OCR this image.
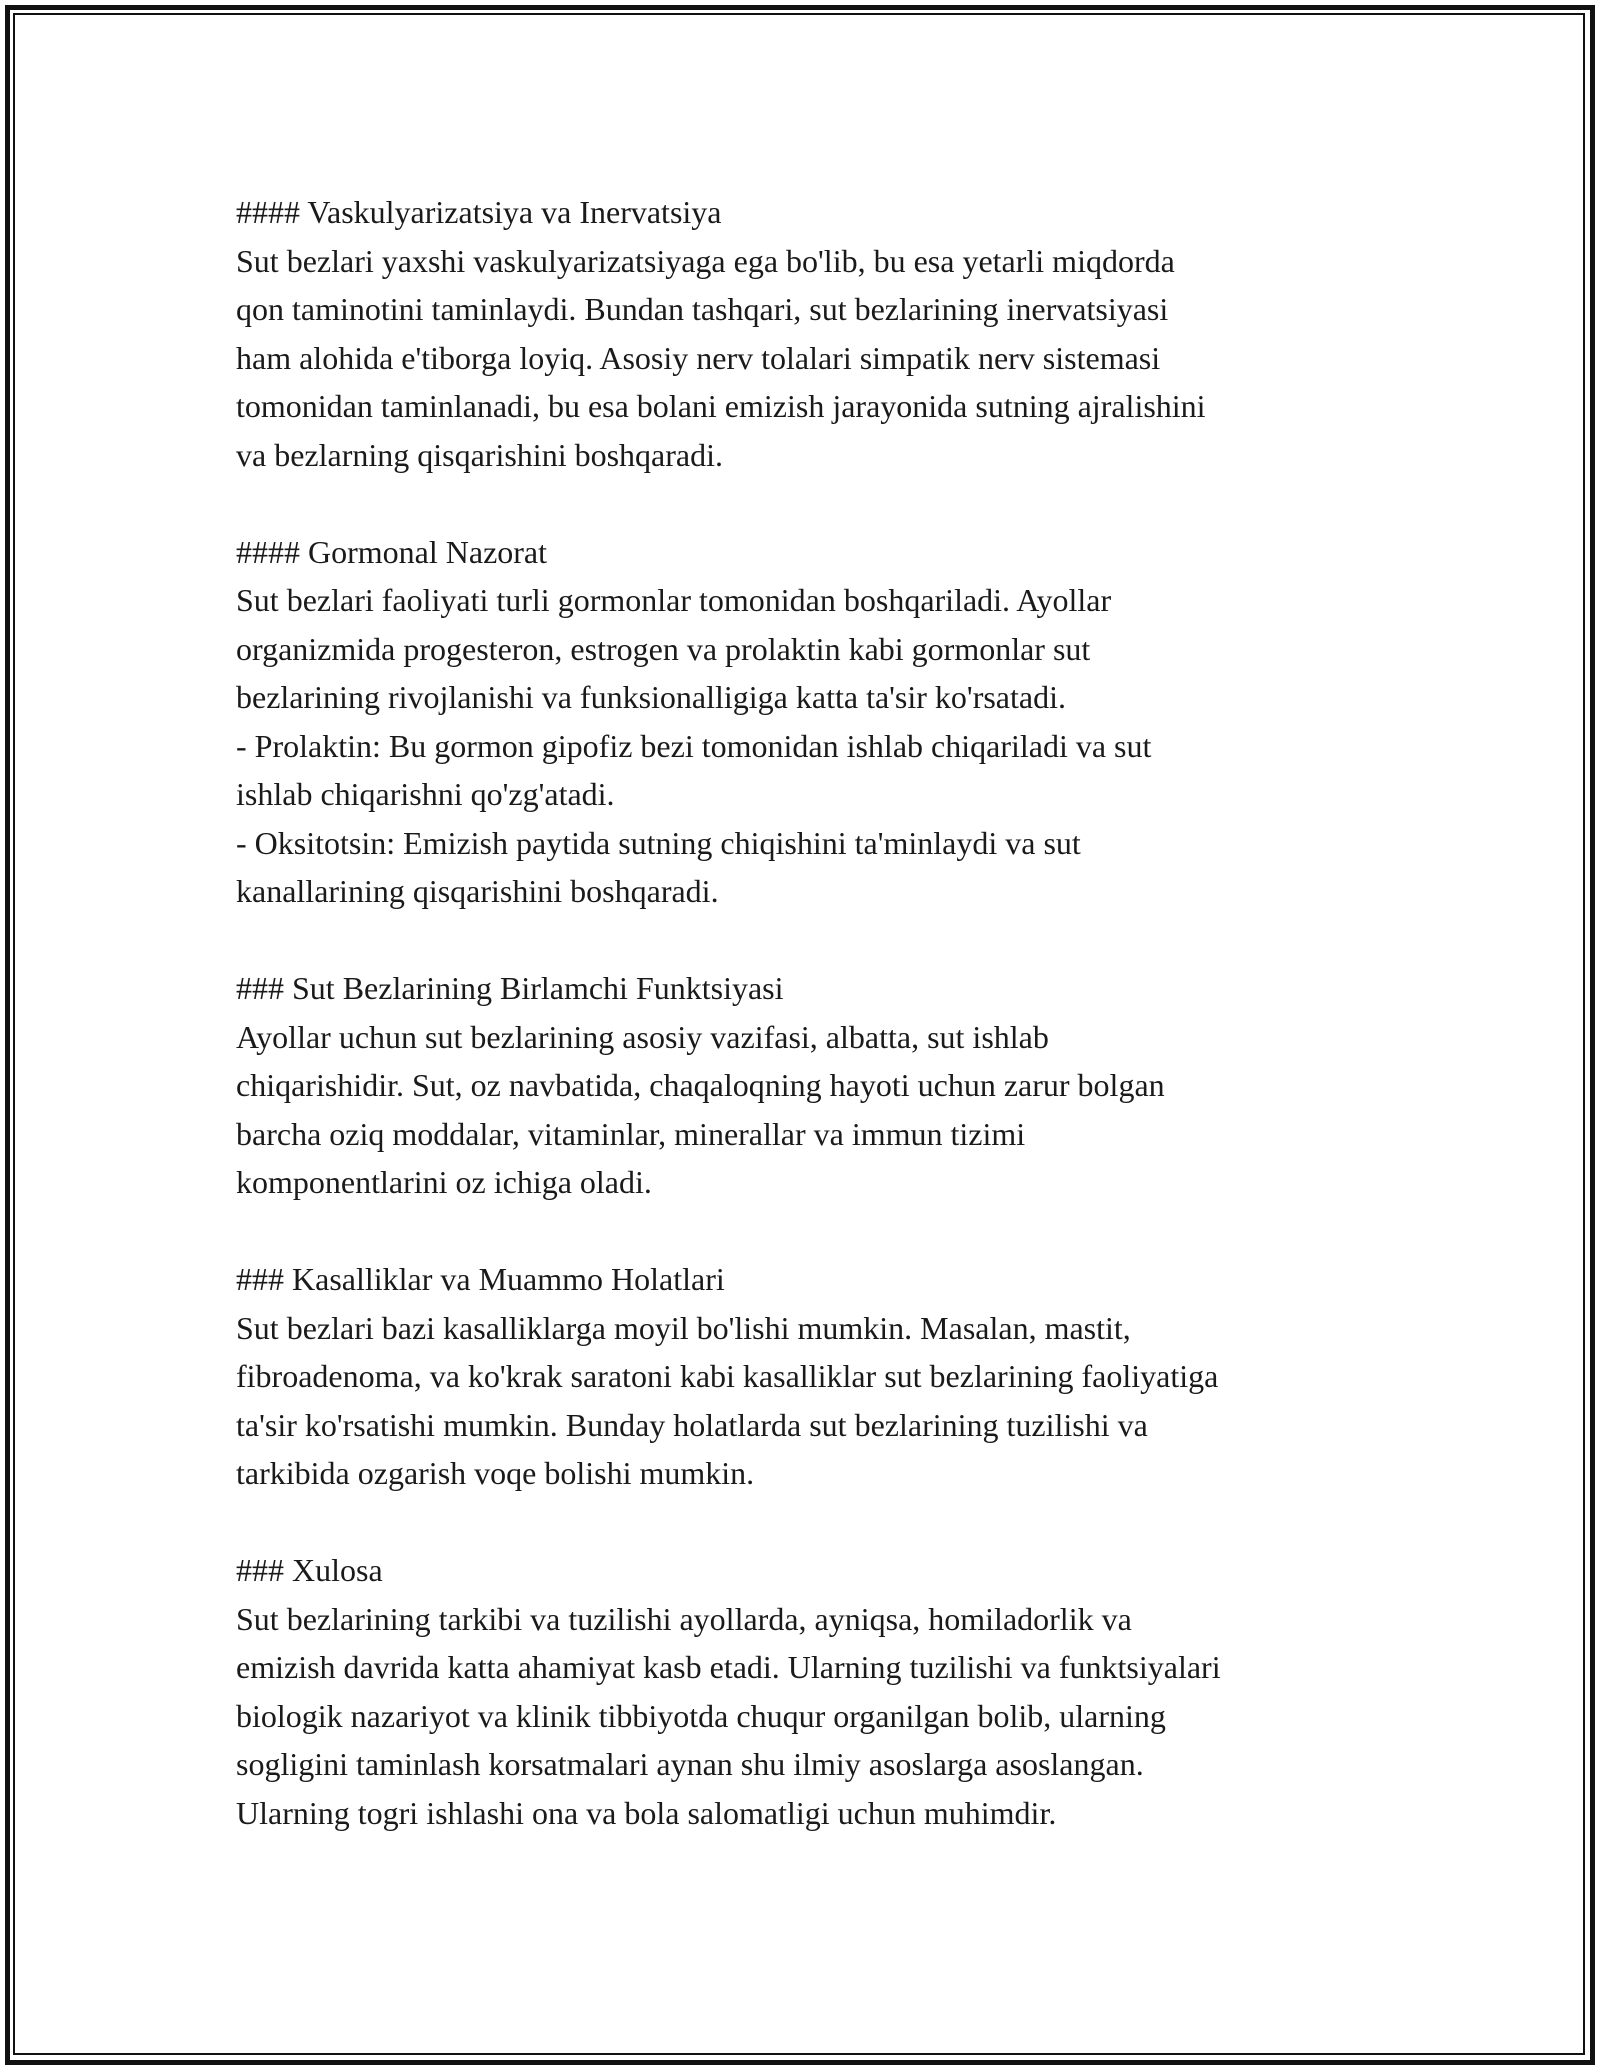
#### Vaskulyarizatsiya va Inervatsiya
Sut bezlari yaxshi vaskulyarizatsiyaga ega bo'lib, bu esa yetarli miqdorda
qon taminotini taminlaydi. Bundan tashqari, sut bezlarining inervatsiyasi
ham alohida e'tiborga loyiq. Asosiy nerv tolalari simpatik nerv sistemasi
tomonidan taminlanadi, bu esa bolani emizish jarayonida sutning ajralishini
va bezlarning qisqarishini boshqaradi.
#### Gormonal Nazorat
Sut bezlari faoliyati turli gormonlar tomonidan boshqariladi. Ayollar
organizmida progesteron, estrogen va prolaktin kabi gormonlar sut
bezlarining rivojlanishi va funksionalligiga katta ta'sir ko'rsatadi.
- Prolaktin: Bu gormon gipofiz bezi tomonidan ishlab chiqariladi va sut
ishlab chiqarishni qo'zg'atadi.
- Oksitotsin: Emizish paytida sutning chiqishini ta'minlaydi va sut
kanallarining qisqarishini boshqaradi.
### Sut Bezlarining Birlamchi Funktsiyasi
Ayollar uchun sut bezlarining asosiy vazifasi, albatta, sut ishlab
chiqarishidir. Sut, oz navbatida, chaqaloqning hayoti uchun zarur bolgan
barcha oziq moddalar, vitaminlar, minerallar va immun tizimi
komponentlarini oz ichiga oladi.
### Kasalliklar va Muammo Holatlari
Sut bezlari bazi kasalliklarga moyil bo'lishi mumkin. Masalan, mastit,
fibroadenoma, va ko'krak saratoni kabi kasalliklar sut bezlarining faoliyatiga
ta'sir ko'rsatishi mumkin. Bunday holatlarda sut bezlarining tuzilishi va
tarkibida ozgarish voqe bolishi mumkin.
### Xulosa
Sut bezlarining tarkibi va tuzilishi ayollarda, ayniqsa, homiladorlik va
emizish davrida katta ahamiyat kasb etadi. Ularning tuzilishi va funktsiyalari
biologik nazariyot va klinik tibbiyotda chuqur organilgan bolib, ularning
sogligini taminlash korsatmalari aynan shu ilmiy asoslarga asoslangan.
Ularning togri ishlashi ona va bola salomatligi uchun muhimdir.
